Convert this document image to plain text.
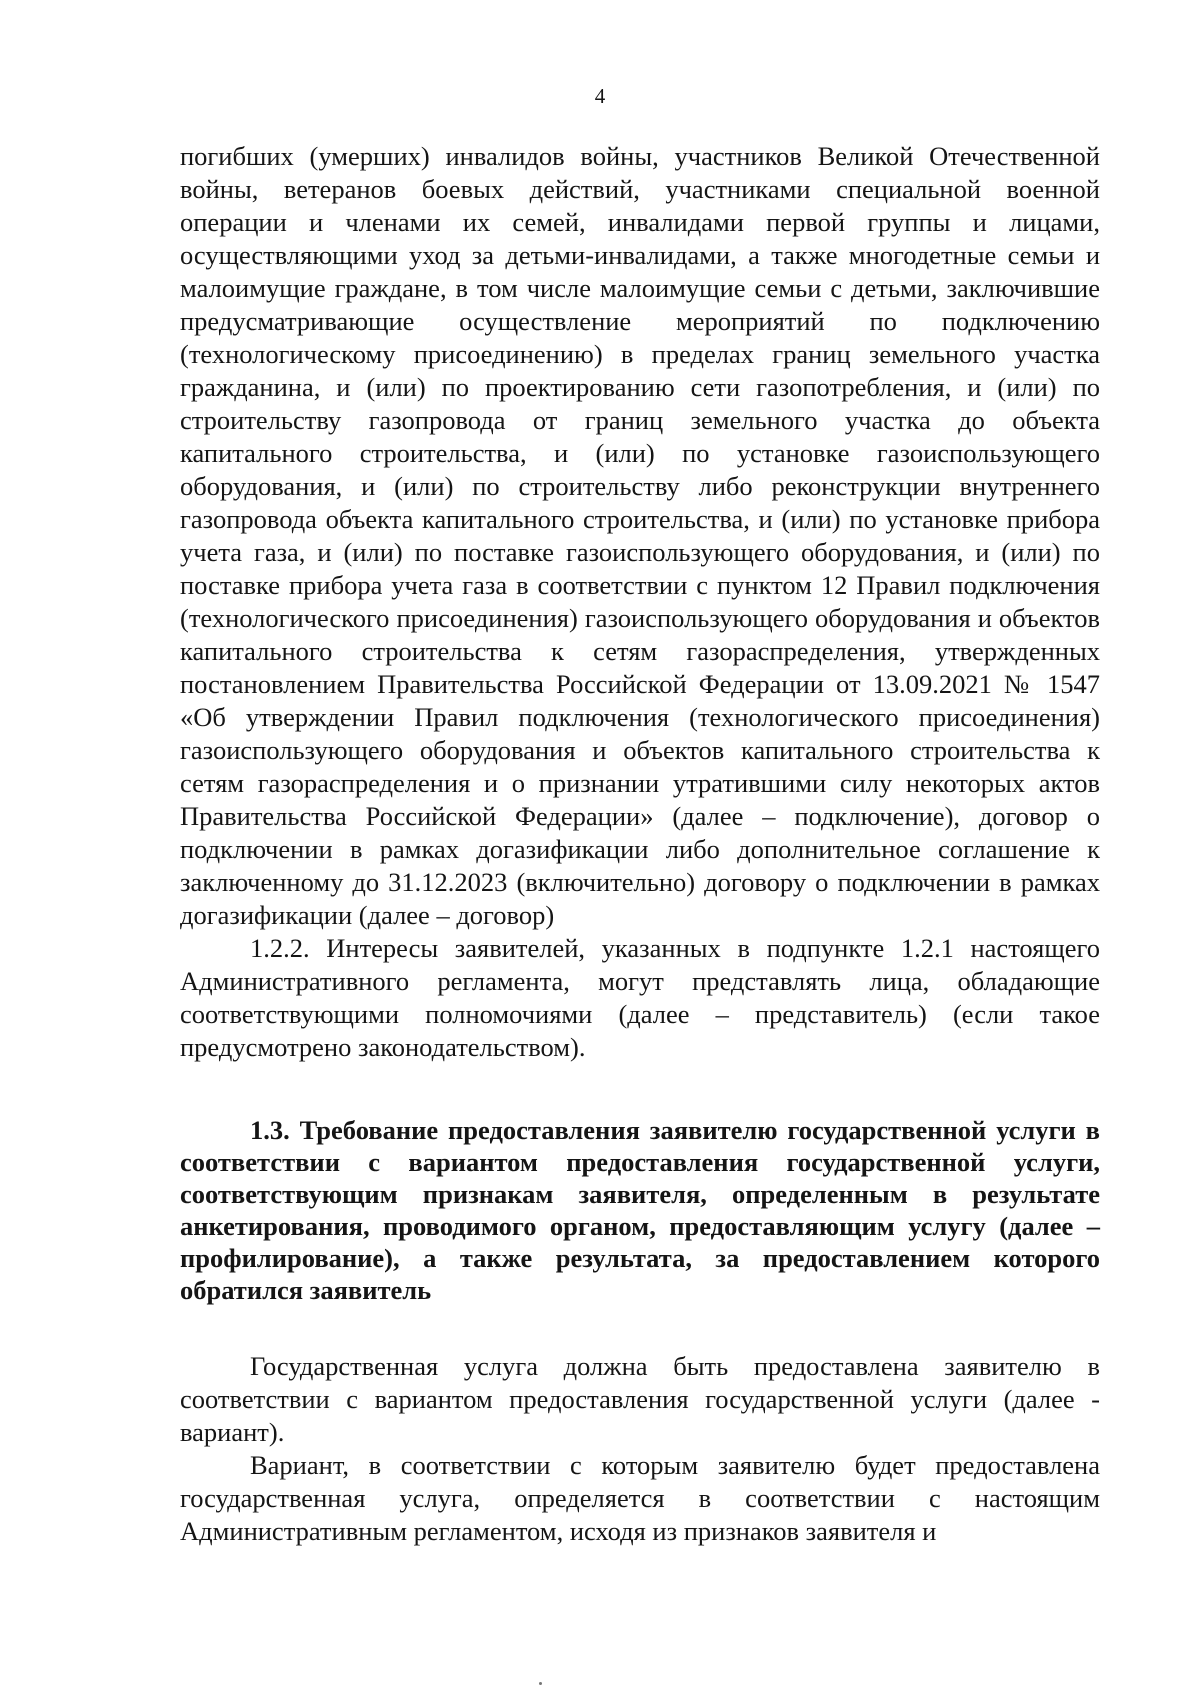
4

погибших (умерших) инвалидов войны, участников Великой Отечественной войны, ветеранов боевых действий, участниками специальной военной операции и членами их семей, инвалидами первой группы и лицами, осуществляющими уход за детьми-инвалидами, а также многодетные семьи и малоимущие граждане, в том числе малоимущие семьи с детьми, заключившие предусматривающие осуществление мероприятий по подключению (технологическому присоединению) в пределах границ земельного участка гражданина, и (или) по проектированию сети газопотребления, и (или) по строительству газопровода от границ земельного участка до объекта капитального строительства, и (или) по установке газоиспользующего оборудования, и (или) по строительству либо реконструкции внутреннего газопровода объекта капитального строительства, и (или) по установке прибора учета газа, и (или) по поставке газоиспользующего оборудования, и (или) по поставке прибора учета газа в соответствии с пунктом 12 Правил подключения (технологического присоединения) газоиспользующего оборудования и объектов капитального строительства к сетям газораспределения, утвержденных постановлением Правительства Российской Федерации от 13.09.2021 № 1547 «Об утверждении Правил подключения (технологического присоединения) газоиспользующего оборудования и объектов капитального строительства к сетям газораспределения и о признании утратившими силу некоторых актов Правительства Российской Федерации» (далее – подключение), договор о подключении в рамках догазификации либо дополнительное соглашение к заключенному до 31.12.2023 (включительно) договору о подключении в рамках догазификации (далее – договор)

1.2.2. Интересы заявителей, указанных в подпункте 1.2.1 настоящего Административного регламента, могут представлять лица, обладающие соответствующими полномочиями (далее – представитель) (если такое предусмотрено законодательством).

1.3. Требование предоставления заявителю государственной услуги в соответствии с вариантом предоставления государственной услуги, соответствующим признакам заявителя, определенным в результате анкетирования, проводимого органом, предоставляющим услугу (далее – профилирование), а также результата, за предоставлением которого обратился заявитель

Государственная услуга должна быть предоставлена заявителю в соответствии с вариантом предоставления государственной услуги (далее - вариант).

Вариант, в соответствии с которым заявителю будет предоставлена государственная услуга, определяется в соответствии с настоящим Административным регламентом, исходя из признаков заявителя и
